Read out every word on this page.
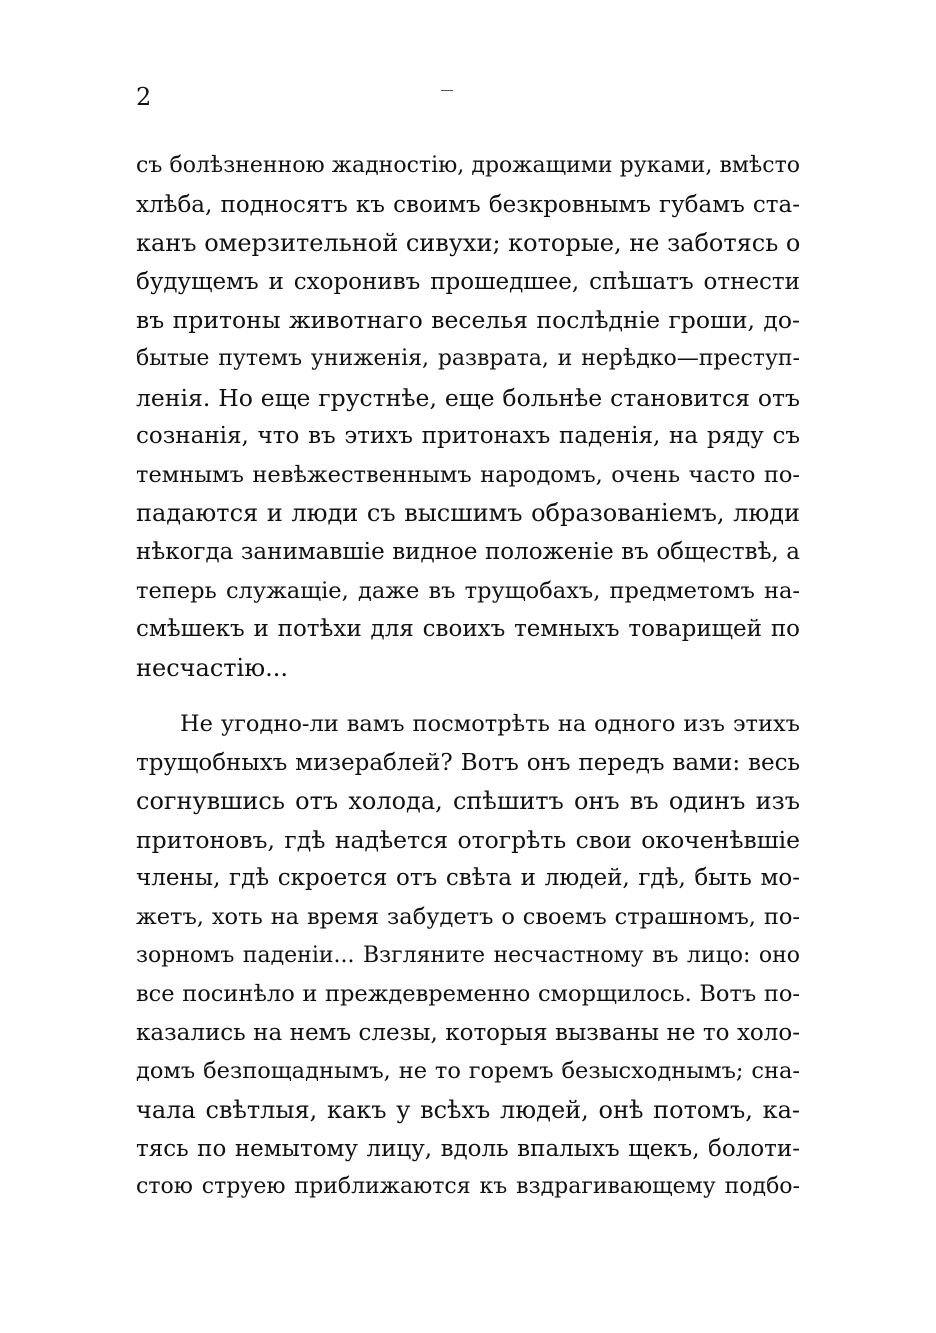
2
съ болѣзненною жадностію, дрожащими руками, вмѣсто
хлѣба, подносятъ къ своимъ безкровнымъ губамъ ста-
канъ омерзительной сивухи; которые, не заботясь о
будущемъ и схоронивъ прошедшее, спѣшатъ отнести
въ притоны животнаго веселья послѣдніе гроши, до-
бытые путемъ униженія, разврата, и нерѣдко—преступ-
ленія. Но еще грустнѣе, еще больнѣе становится отъ
сознанія, что въ этихъ притонахъ паденія, на ряду съ
темнымъ невѣжественнымъ народомъ, очень часто по-
падаются и люди съ высшимъ образованіемъ, люди
нѣкогда занимавшіе видное положеніе въ обществѣ, а
теперь служащіе, даже въ трущобахъ, предметомъ на-
смѣшекъ и потѣхи для своихъ темныхъ товарищей по
несчастію...
Не угодно-ли вамъ посмотрѣть на одного изъ этихъ
трущобныхъ мизераблей? Вотъ онъ передъ вами: весь
согнувшись отъ холода, спѣшитъ онъ въ одинъ изъ
притоновъ, гдѣ надѣется отогрѣть свои окоченѣвшіе
члены, гдѣ скроется отъ свѣта и людей, гдѣ, быть мо-
жетъ, хоть на время забудетъ о своемъ страшномъ, по-
зорномъ паденіи... Взгляните несчастному въ лицо: оно
все посинѣло и преждевременно сморщилось. Вотъ по-
казались на немъ слезы, которыя вызваны не то холо-
домъ безпощаднымъ, не то горемъ безысходнымъ; сна-
чала свѣтлыя, какъ у всѣхъ людей, онѣ потомъ, ка-
тясь по немытому лицу, вдоль впалыхъ щекъ, болоти-
стою струею приближаются къ вздрагивающему подбо-
